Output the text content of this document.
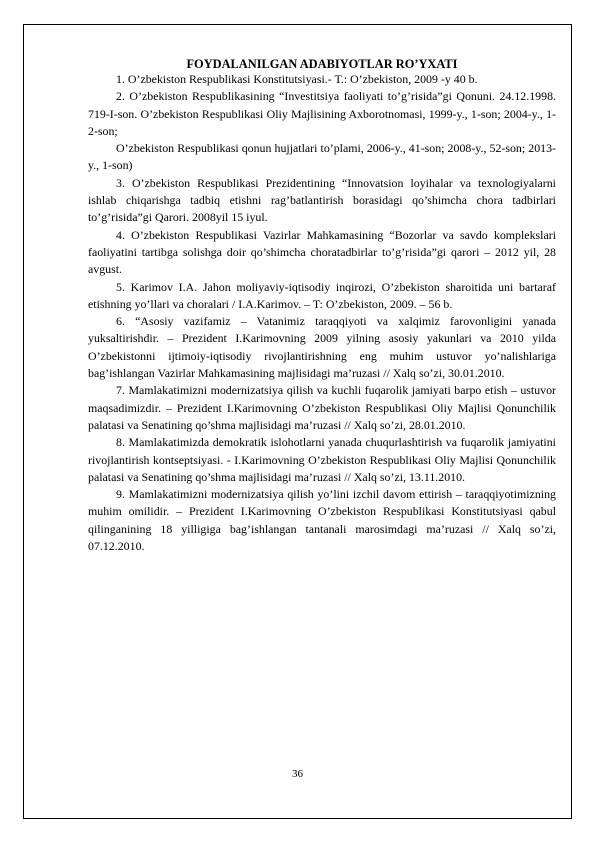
FOYDALANILGAN ADABIYOTLAR RO’YXATI
1. O’zbekiston Respublikasi Konstitutsiyasi.- T.: O’zbekiston, 2009 -y 40 b.
2. O’zbekiston Respublikasining “Investitsiya faoliyati to’g’risida”gi Qonuni. 24.12.1998. 719-I-son. O’zbekiston Respublikasi Oliy Majlisining Axborotnomasi, 1999-y., 1-son; 2004-y., 1-2-son;
O’zbekiston Respublikasi qonun hujjatlari to’plami, 2006-y., 41-son; 2008-y., 52-son; 2013-y., 1-son)
3. O’zbekiston Respublikasi Prezidentining “Innovatsion loyihalar va texnologiyalarni ishlab chiqarishga tadbiq etishni rag’batlantirish borasidagi qo’shimcha chora tadbirlari to’g’risida”gi Qarori. 2008yil 15 iyul.
4. O’zbekiston Respublikasi Vazirlar Mahkamasining “Bozorlar va savdo komplekslari faoliyatini tartibga solishga doir qo’shimcha choratadbirlar to’g’risida”gi qarori – 2012 yil, 28 avgust.
5. Karimov I.A. Jahon moliyaviy-iqtisodiy inqirozi, O’zbekiston sharoitida uni bartaraf etishning yo’llari va choralari / I.A.Karimov. – T: O’zbekiston, 2009. – 56 b.
6. “Asosiy vazifamiz – Vatanimiz taraqqiyoti va xalqimiz farovonligini yanada yuksaltirishdir. – Prezident I.Karimovning 2009 yilning asosiy yakunlari va 2010 yilda O’zbekistonni ijtimoiy-iqtisodiy rivojlantirishning eng muhim ustuvor yo’nalishlariga bag’ishlangan Vazirlar Mahkamasining majlisidagi ma’ruzasi // Xalq so’zi, 30.01.2010.
7. Mamlakatimizni modernizatsiya qilish va kuchli fuqarolik jamiyati barpo etish – ustuvor maqsadimizdir. – Prezident I.Karimovning O’zbekiston Respublikasi Oliy Majlisi Qonunchilik palatasi va Senatining qo’shma majlisidagi ma’ruzasi // Xalq so’zi, 28.01.2010.
8. Mamlakatimizda demokratik islohotlarni yanada chuqurlashtirish va fuqarolik jamiyatini rivojlantirish kontseptsiyasi. - I.Karimovning O’zbekiston Respublikasi Oliy Majlisi Qonunchilik palatasi va Senatining qo’shma majlisidagi ma’ruzasi // Xalq so’zi, 13.11.2010.
9. Mamlakatimizni modernizatsiya qilish yo’lini izchil davom ettirish – taraqqiyotimizning muhim omilidir. – Prezident I.Karimovning O’zbekiston Respublikasi Konstitutsiyasi qabul qilinganining 18 yilligiga bag’ishlangan tantanali marosimdagi ma’ruzasi // Xalq so’zi, 07.12.2010.
36
